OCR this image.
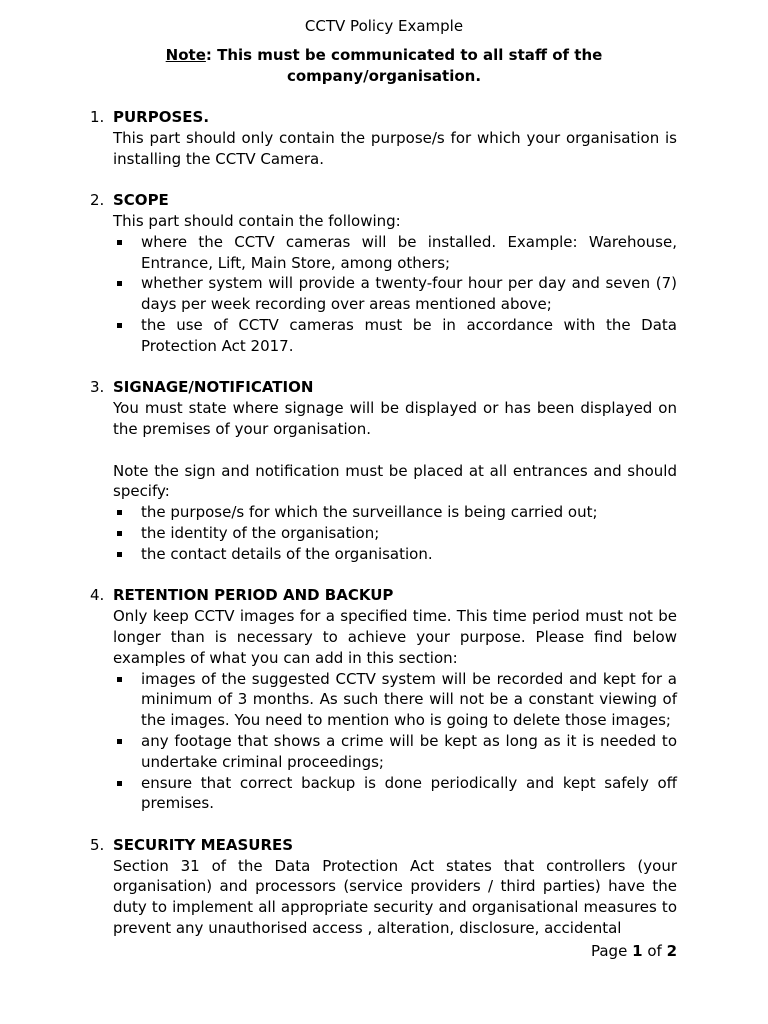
CCTV Policy Example
Note: This must be communicated to all staff of the company/organisation.
1. PURPOSES.
This part should only contain the purpose/s for which your organisation is installing the CCTV Camera.
2. SCOPE
This part should contain the following:
where the CCTV cameras will be installed. Example: Warehouse, Entrance, Lift, Main Store, among others;
whether system will provide a twenty-four hour per day and seven (7) days per week recording over areas mentioned above;
the use of CCTV cameras must be in accordance with the Data Protection Act 2017.
3. SIGNAGE/NOTIFICATION
You must state where signage will be displayed or has been displayed on the premises of your organisation.
Note the sign and notification must be placed at all entrances and should specify:
the purpose/s for which the surveillance is being carried out;
the identity of the organisation;
the contact details of the organisation.
4. RETENTION PERIOD AND BACKUP
Only keep CCTV images for a specified time. This time period must not be longer than is necessary to achieve your purpose. Please find below examples of what you can add in this section:
images of the suggested CCTV system will be recorded and kept for a minimum of 3 months. As such there will not be a constant viewing of the images. You need to mention who is going to delete those images;
any footage that shows a crime will be kept as long as it is needed to undertake criminal proceedings;
ensure that correct backup is done periodically and kept safely off premises.
5. SECURITY MEASURES
Section 31 of the Data Protection Act states that controllers (your organisation) and processors (service providers / third parties) have the duty to implement all appropriate security and organisational measures to prevent any unauthorised access , alteration, disclosure, accidental
Page 1 of 2
